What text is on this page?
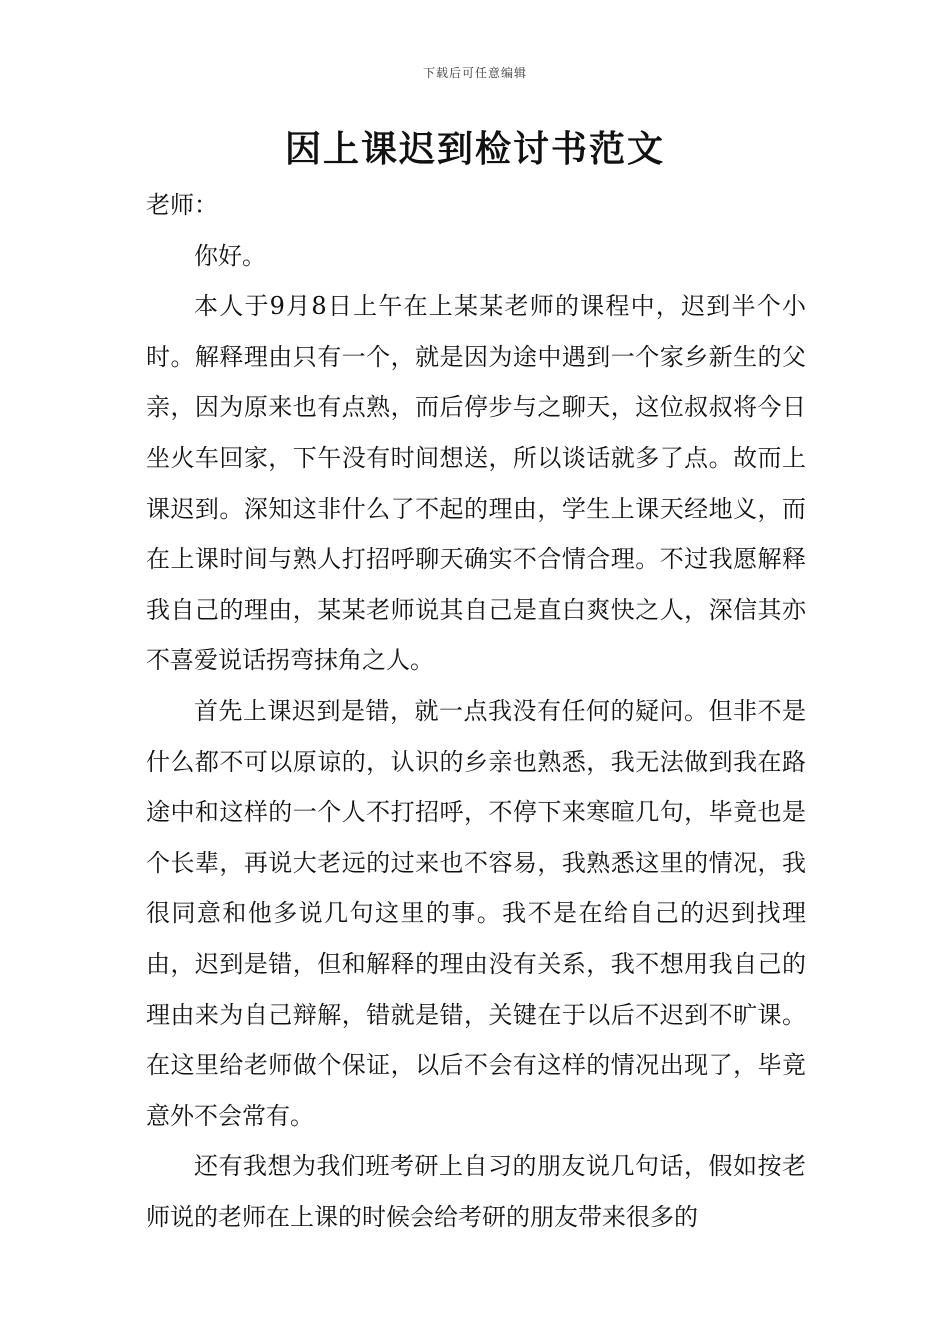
下载后可任意编辑
因上课迟到检讨书范文

老师：

你好。

本人于9月8日上午在上某某老师的课程中，迟到半个小时。解释理由只有一个，就是因为途中遇到一个家乡新生的父亲，因为原来也有点熟，而后停步与之聊天，这位叔叔将今日坐火车回家，下午没有时间想送，所以谈话就多了点。故而上课迟到。深知这非什么了不起的理由，学生上课天经地义，而在上课时间与熟人打招呼聊天确实不合情合理。不过我愿解释我自己的理由，某某老师说其自己是直白爽快之人，深信其亦不喜爱说话拐弯抹角之人。

首先上课迟到是错，就一点我没有任何的疑问。但非不是什么都不可以原谅的，认识的乡亲也熟悉，我无法做到我在路途中和这样的一个人不打招呼，不停下来寒暄几句，毕竟也是个长辈，再说大老远的过来也不容易，我熟悉这里的情况，我很同意和他多说几句这里的事。我不是在给自己的迟到找理由，迟到是错，但和解释的理由没有关系，我不想用我自己的理由来为自己辩解，错就是错，关键在于以后不迟到不旷课。在这里给老师做个保证，以后不会有这样的情况出现了，毕竟意外不会常有。

还有我想为我们班考研上自习的朋友说几句话，假如按老师说的老师在上课的时候会给考研的朋友带来很多的
